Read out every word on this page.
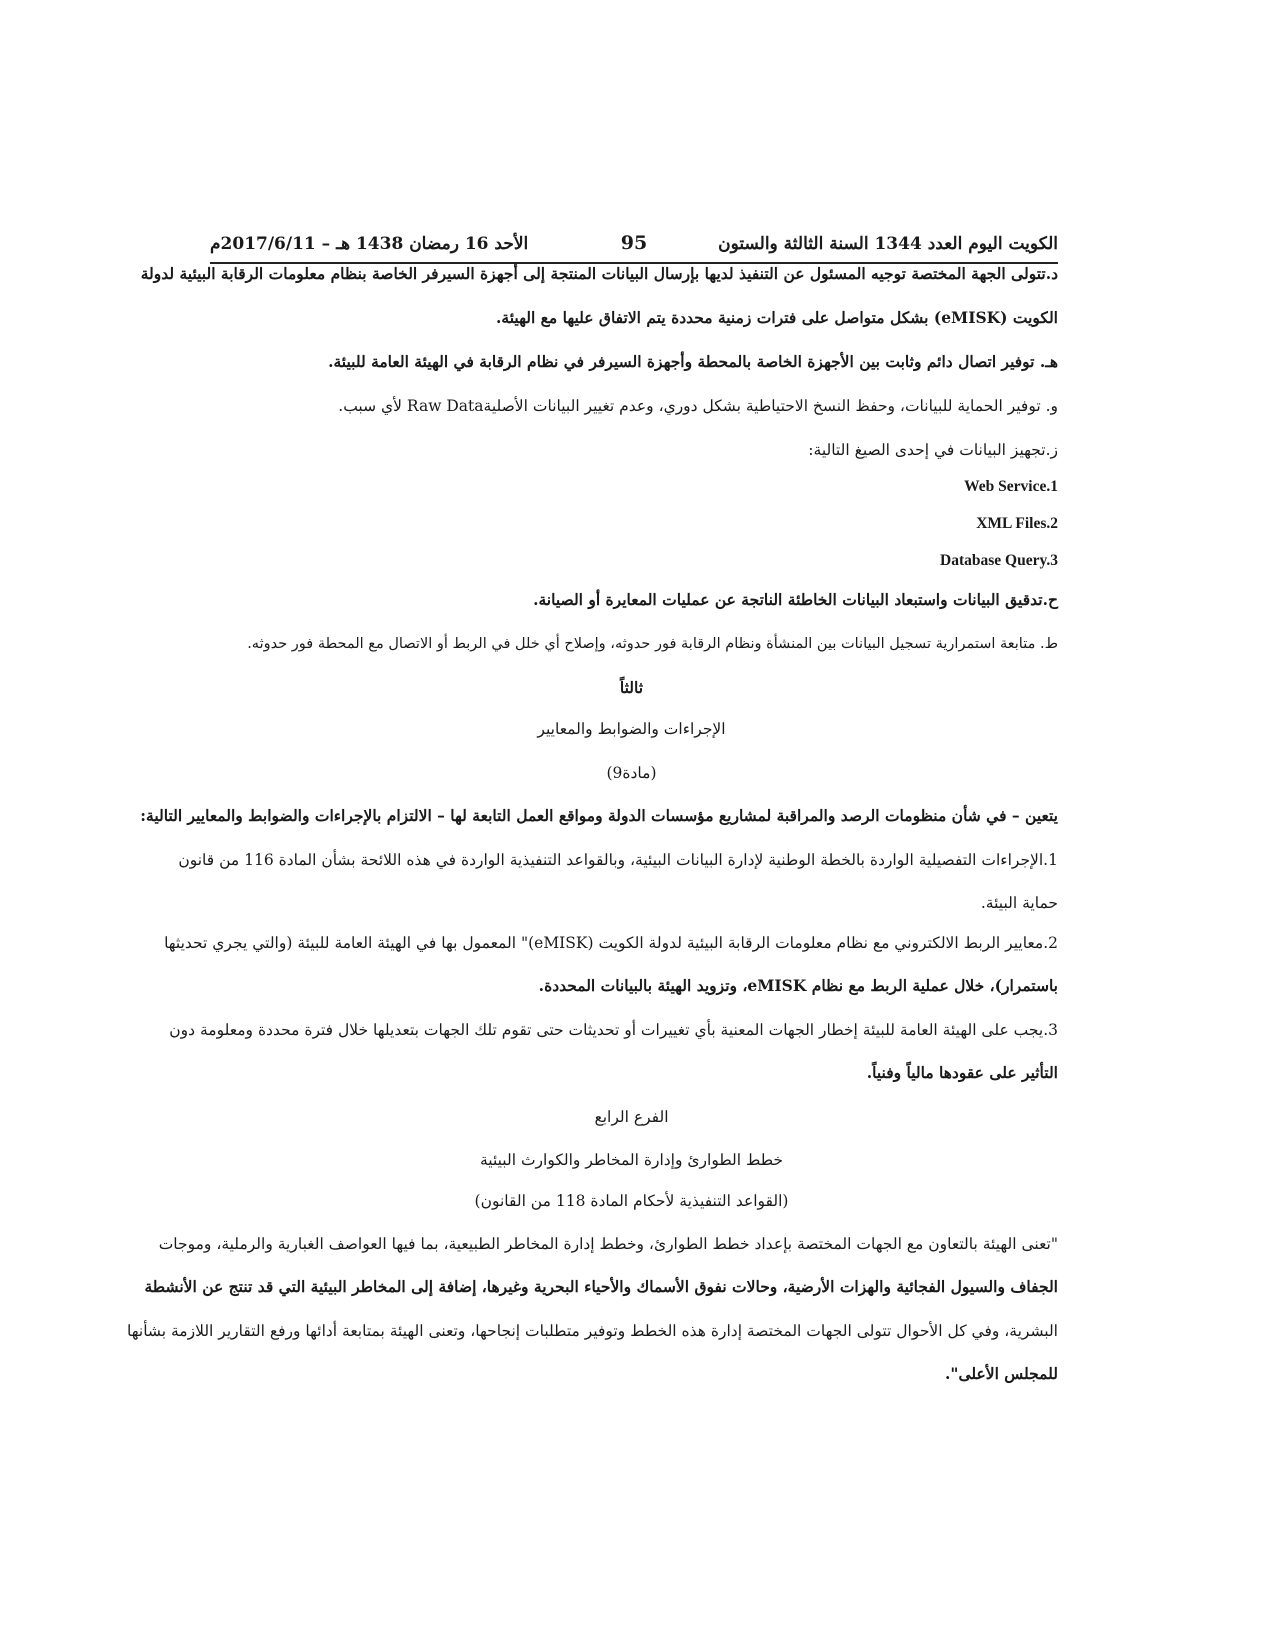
الكويت اليوم العدد 1344 السنة الثالثة والستون
95
الأحد 16 رمضان 1438 هـ – 2017/6/11م
د.تتولى الجهة المختصة توجيه المسئول عن التنفيذ لديها بإرسال البيانات المنتجة إلى أجهزة السيرفر الخاصة بنظام معلومات الرقابة البيئية لدولة
الكويت (eMISK) بشكل متواصل على فترات زمنية محددة يتم الاتفاق عليها مع الهيئة.
هـ. توفير اتصال دائم وثابت بين الأجهزة الخاصة بالمحطة وأجهزة السيرفر في نظام الرقابة في الهيئة العامة للبيئة.
و. توفير الحماية للبيانات، وحفظ النسخ الاحتياطية بشكل دوري، وعدم تغيير البيانات الأصليةRaw Data لأي سبب.
ز.تجهيز البيانات في إحدى الصيغ التالية:
Web Service.1
XML Files.2
Database Query.3
ح.تدقيق البيانات واستبعاد البيانات الخاطئة الناتجة عن عمليات المعايرة أو الصيانة.
ط. متابعة استمرارية تسجيل البيانات بين المنشأة ونظام الرقابة فور حدوثه، وإصلاح أي خلل في الربط أو الاتصال مع المحطة فور حدوثه.
ثالثاً
الإجراءات والضوابط والمعايير
(مادة9)
يتعين – في شأن منظومات الرصد والمراقبة لمشاريع مؤسسات الدولة ومواقع العمل التابعة لها – الالتزام بالإجراءات والضوابط والمعايير التالية:
1.الإجراءات التفصيلية الواردة بالخطة الوطنية لإدارة البيانات البيئية، وبالقواعد التنفيذية الواردة في هذه اللائحة بشأن المادة 116 من قانون
حماية البيئة.
2.معايير الربط الالكتروني مع نظام معلومات الرقابة البيئية لدولة الكويت (eMISK)" المعمول بها في الهيئة العامة للبيئة (والتي يجري تحديثها
باستمرار)، خلال عملية الربط مع نظام eMISK، وتزويد الهيئة بالبيانات المحددة.
3.يجب على الهيئة العامة للبيئة إخطار الجهات المعنية بأي تغييرات أو تحديثات حتى تقوم تلك الجهات بتعديلها خلال فترة محددة ومعلومة دون
التأثير على عقودها مالياً وفنياً.
الفرع الرابع
خطط الطوارئ وإدارة المخاطر والكوارث البيئية
(القواعد التنفيذية لأحكام المادة 118 من القانون)
"تعنى الهيئة بالتعاون مع الجهات المختصة بإعداد خطط الطوارئ، وخطط إدارة المخاطر الطبيعية، بما فيها العواصف الغبارية والرملية، وموجات
الجفاف والسيول الفجائية والهزات الأرضية، وحالات نفوق الأسماك والأحياء البحرية وغيرها، إضافة إلى المخاطر البيئية التي قد تنتج عن الأنشطة
البشرية، وفي كل الأحوال تتولى الجهات المختصة إدارة هذه الخطط وتوفير متطلبات إنجاحها، وتعنى الهيئة بمتابعة أدائها ورفع التقارير اللازمة بشأنها
للمجلس الأعلى".
